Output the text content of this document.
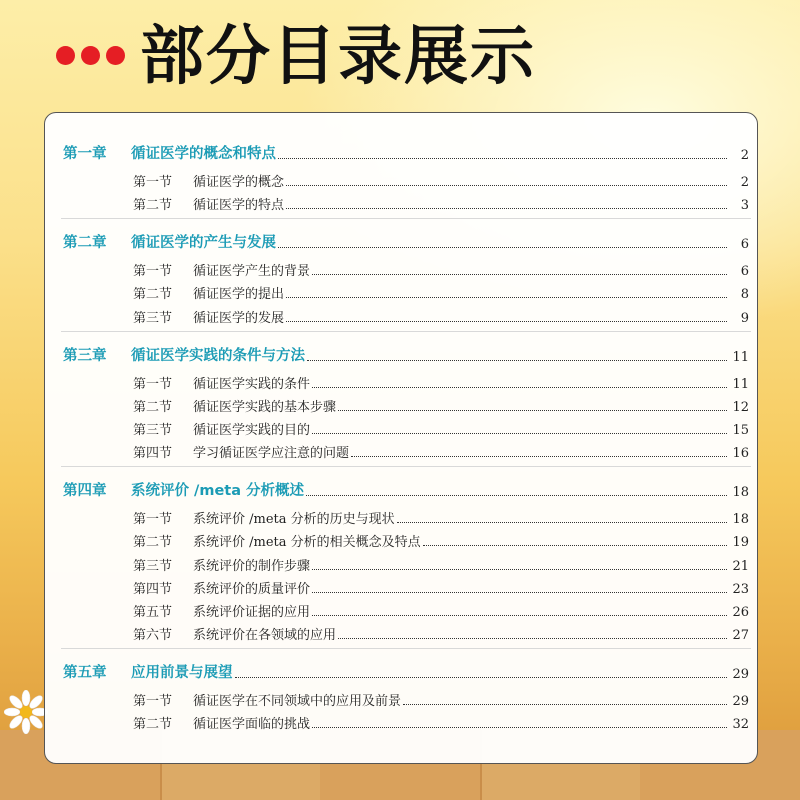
部分目录展示
第一章	循证医学的概念和特点	2
第一节	循证医学的概念	2
第二节	循证医学的特点	3
第二章	循证医学的产生与发展	6
第一节	循证医学产生的背景	6
第二节	循证医学的提出	8
第三节	循证医学的发展	9
第三章	循证医学实践的条件与方法	11
第一节	循证医学实践的条件	11
第二节	循证医学实践的基本步骤	12
第三节	循证医学实践的目的	15
第四节	学习循证医学应注意的问题	16
第四章	系统评价 /meta 分析概述	18
第一节	系统评价 /meta 分析的历史与现状	18
第二节	系统评价 /meta 分析的相关概念及特点	19
第三节	系统评价的制作步骤	21
第四节	系统评价的质量评价	23
第五节	系统评价证据的应用	26
第六节	系统评价在各领域的应用	27
第五章	应用前景与展望	29
第一节	循证医学在不同领域中的应用及前景	29
第二节	循证医学面临的挑战	32
